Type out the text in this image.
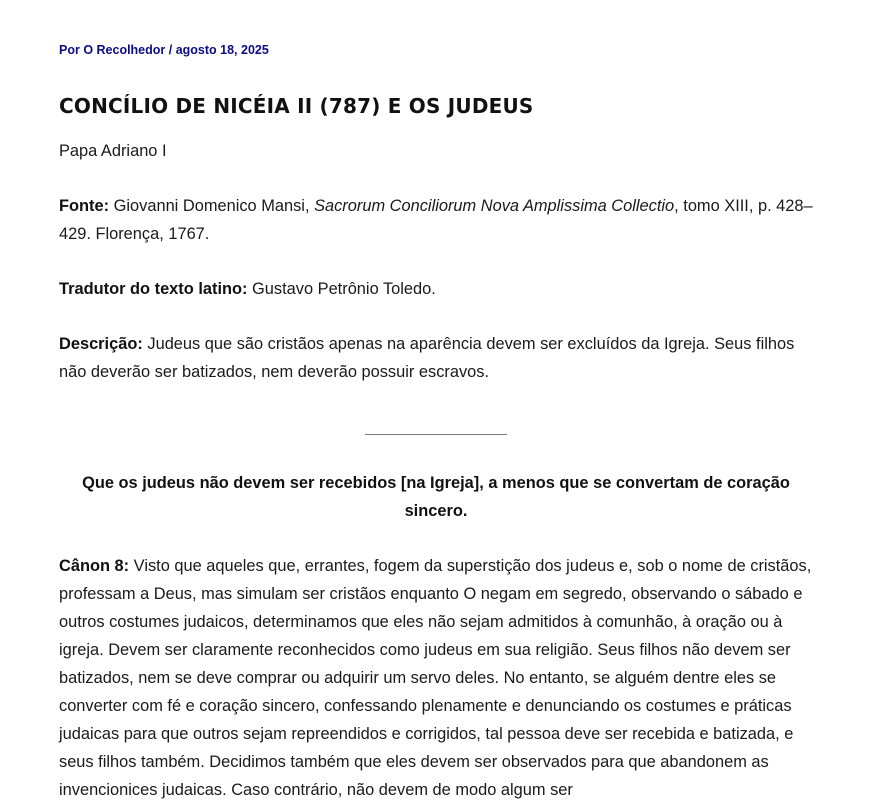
Por O Recolhedor / agosto 18, 2025
CONCÍLIO DE NICÉIA II (787) E OS JUDEUS

Papa Adriano I

Fonte: Giovanni Domenico Mansi, Sacrorum Conciliorum Nova Amplissima Collectio, tomo XIII, p. 428–429. Florença, 1767.

Tradutor do texto latino: Gustavo Petrônio Toledo.

Descrição: Judeus que são cristãos apenas na aparência devem ser excluídos da Igreja. Seus filhos não deverão ser batizados, nem deverão possuir escravos.

Que os judeus não devem ser recebidos [na Igreja], a menos que se convertam de coração sincero.

Cânon 8: Visto que aqueles que, errantes, fogem da superstição dos judeus e, sob o nome de cristãos, professam a Deus, mas simulam ser cristãos enquanto O negam em segredo, observando o sábado e outros costumes judaicos, determinamos que eles não sejam admitidos à comunhão, à oração ou à igreja. Devem ser claramente reconhecidos como judeus em sua religião. Seus filhos não devem ser batizados, nem se deve comprar ou adquirir um servo deles. No entanto, se alguém dentre eles se converter com fé e coração sincero, confessando plenamente e denunciando os costumes e práticas judaicas para que outros sejam repreendidos e corrigidos, tal pessoa deve ser recebida e batizada, e seus filhos também. Decidimos também que eles devem ser observados para que abandonem as invencionices judaicas. Caso contrário, não devem de modo algum ser
